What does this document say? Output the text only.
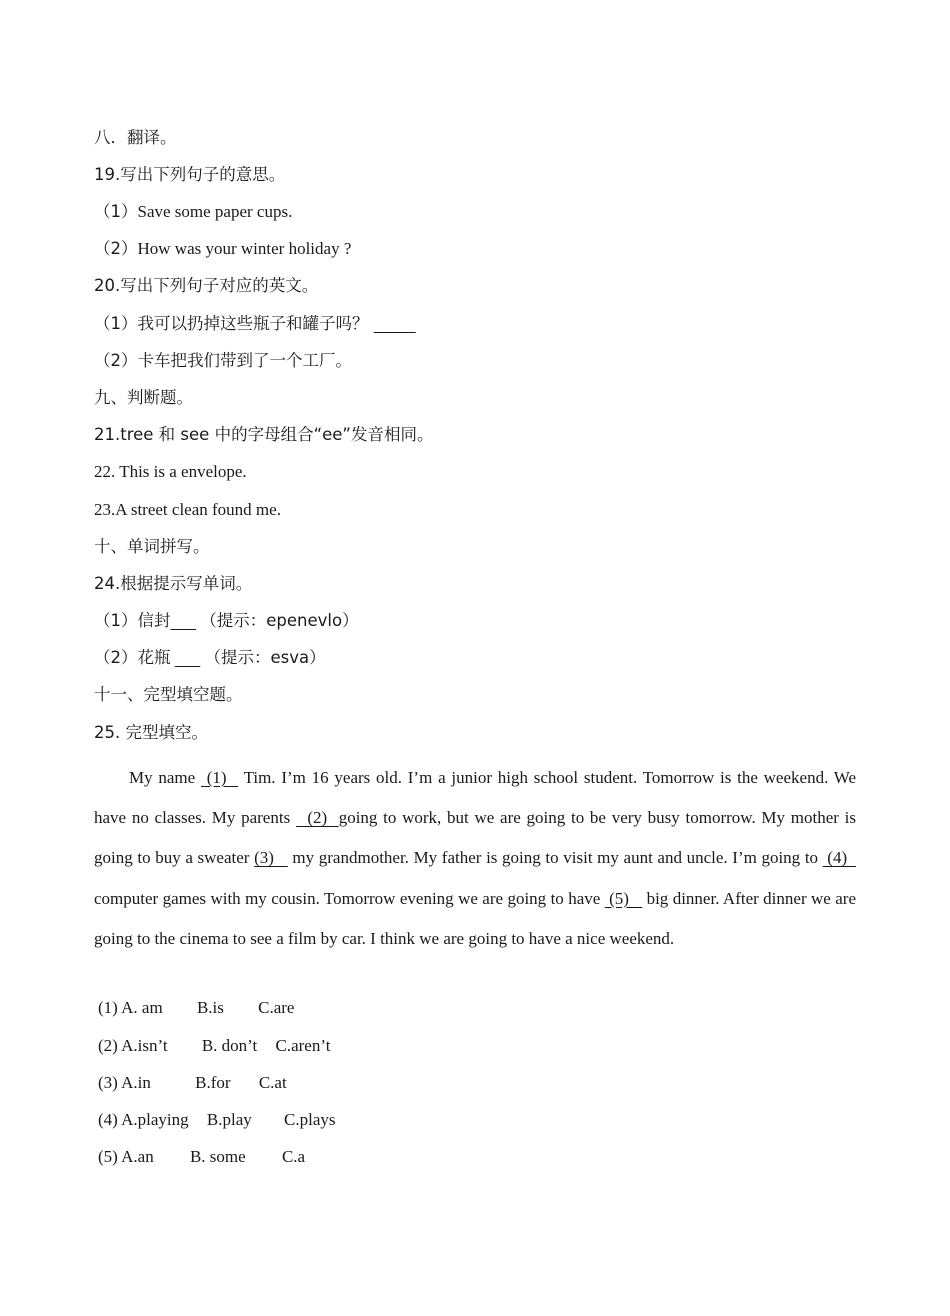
八．翻译。
19.写出下列句子的意思。
（1）Save some paper cups.
（2）How was your winter holiday ?
20.写出下列句子对应的英文。
（1）我可以扔掉这些瓶子和罐子吗？
（2）卡车把我们带到了一个工厂。
九、判断题。
21.tree 和 see 中的字母组合“ee”发音相同。
22. This is a envelope.
23.A street clean found me.
十、单词拼写。
24.根据提示写单词。
（1）信封 （提示：epenevlo）
（2）花瓶 （提示：esva）
十一、完型填空题。
25. 完型填空。

My name  (1)   Tim. I’m 16 years old. I’m a junior high school student. Tomorrow is the weekend. We have no classes. My parents   (2)  going to work, but we are going to be very busy tomorrow. My mother is going to buy a sweater (3)    my grandmother. My father is going to visit my aunt and uncle. I’m going to  (4)   computer games with my cousin. Tomorrow evening we are going to have  (5)    big dinner. After dinner we are going to the cinema to see a film by car. I think we are going to have a nice weekend.

(1) A. am B.is C.are
(2) A.isn’t B. don’t C.aren’t
(3) A.in	B.for C.at
(4) A.playing B.play C.plays
(5) A.an B. some C.a
